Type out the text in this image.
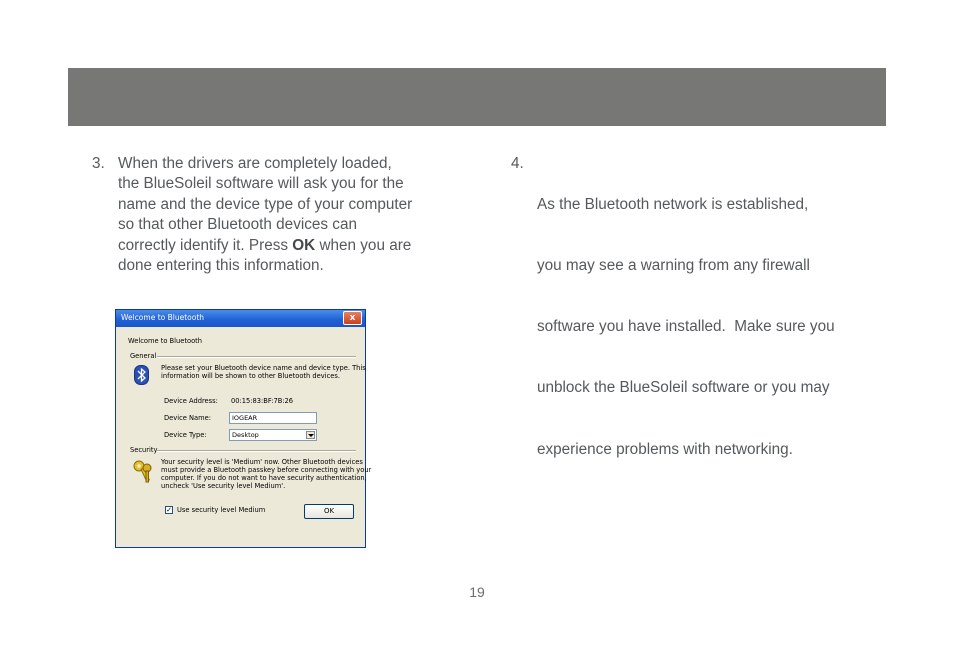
3. When the drivers are completely loaded,
the BlueSoleil software will ask you for the
name and the device type of your computer
so that other Bluetooth devices can
correctly identify it. Press OK when you are
done entering this information.
4.

As the Bluetooth network is established,

you may see a warning from any firewall

software you have installed.  Make sure you

unblock the BlueSoleil software or you may

experience problems with networking.

Welcome to Bluetooth	x
Welcome to Bluetooth
General
Please set your Bluetooth device name and device type. This
information will be shown to other Bluetooth devices.
Device Address: 00:15:83:BF:7B:26
Device Name:	IOGEAR
Device Type:	Desktop
Security
Your security level is 'Medium' now. Other Bluetooth devices
must provide a Bluetooth passkey before connecting with your
computer. If you do not want to have security authentication,
uncheck 'Use security level Medium'.
✓ Use security level Medium	OK
19
